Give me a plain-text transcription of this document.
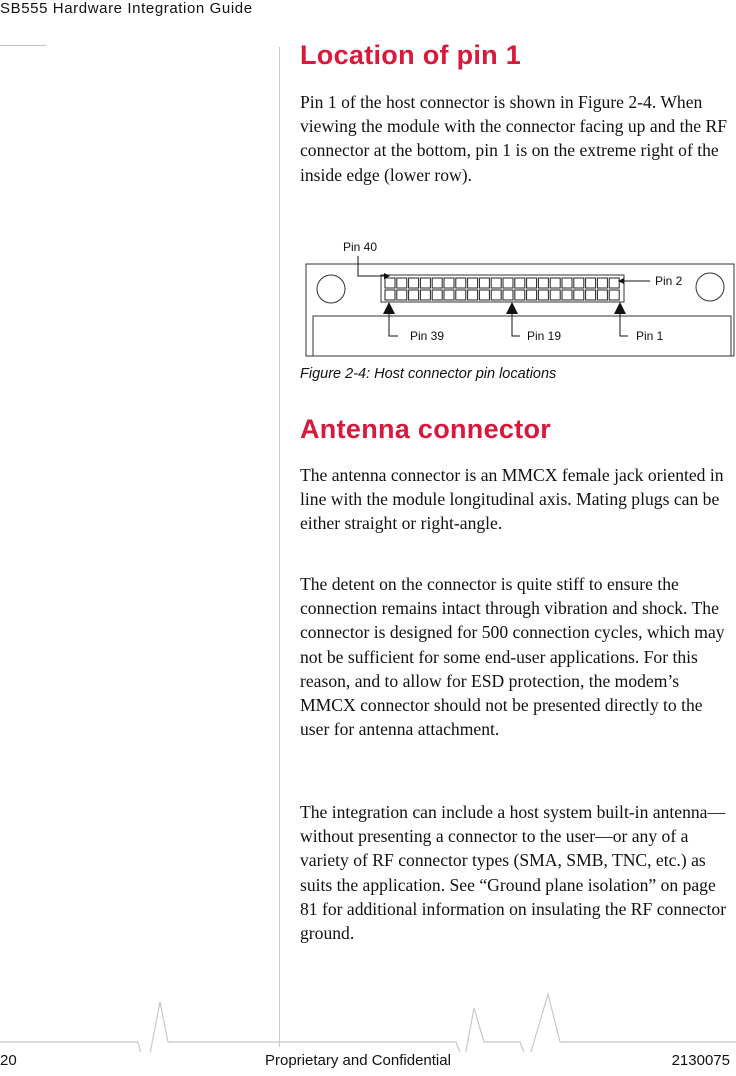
SB555 Hardware Integration Guide
Location of pin 1

Pin 1 of the host connector is shown in Figure 2-4. When viewing the module with the connector facing up and the RF connector at the bottom, pin 1 is on the extreme right of the inside edge (lower row).

Pin 40
Pin 2
Pin 39	Pin 19	Pin 1
Figure 2-4: Host connector pin locations
Antenna connector

The antenna connector is an MMCX female jack oriented in line with the module longitudinal axis. Mating plugs can be either straight or right-angle.

The detent on the connector is quite stiff to ensure the connection remains intact through vibration and shock. The connector is designed for 500 connection cycles, which may not be sufficient for some end-user applications. For this reason, and to allow for ESD protection, the modem’s MMCX connector should not be presented directly to the user for antenna attachment.

The integration can include a host system built-in antenna—without presenting a connector to the user—or any of a variety of RF connector types (SMA, SMB, TNC, etc.) as suits the application. See “Ground plane isolation” on page 81 for additional information on insulating the RF connector ground.

20	Proprietary and Confidential	2130075
